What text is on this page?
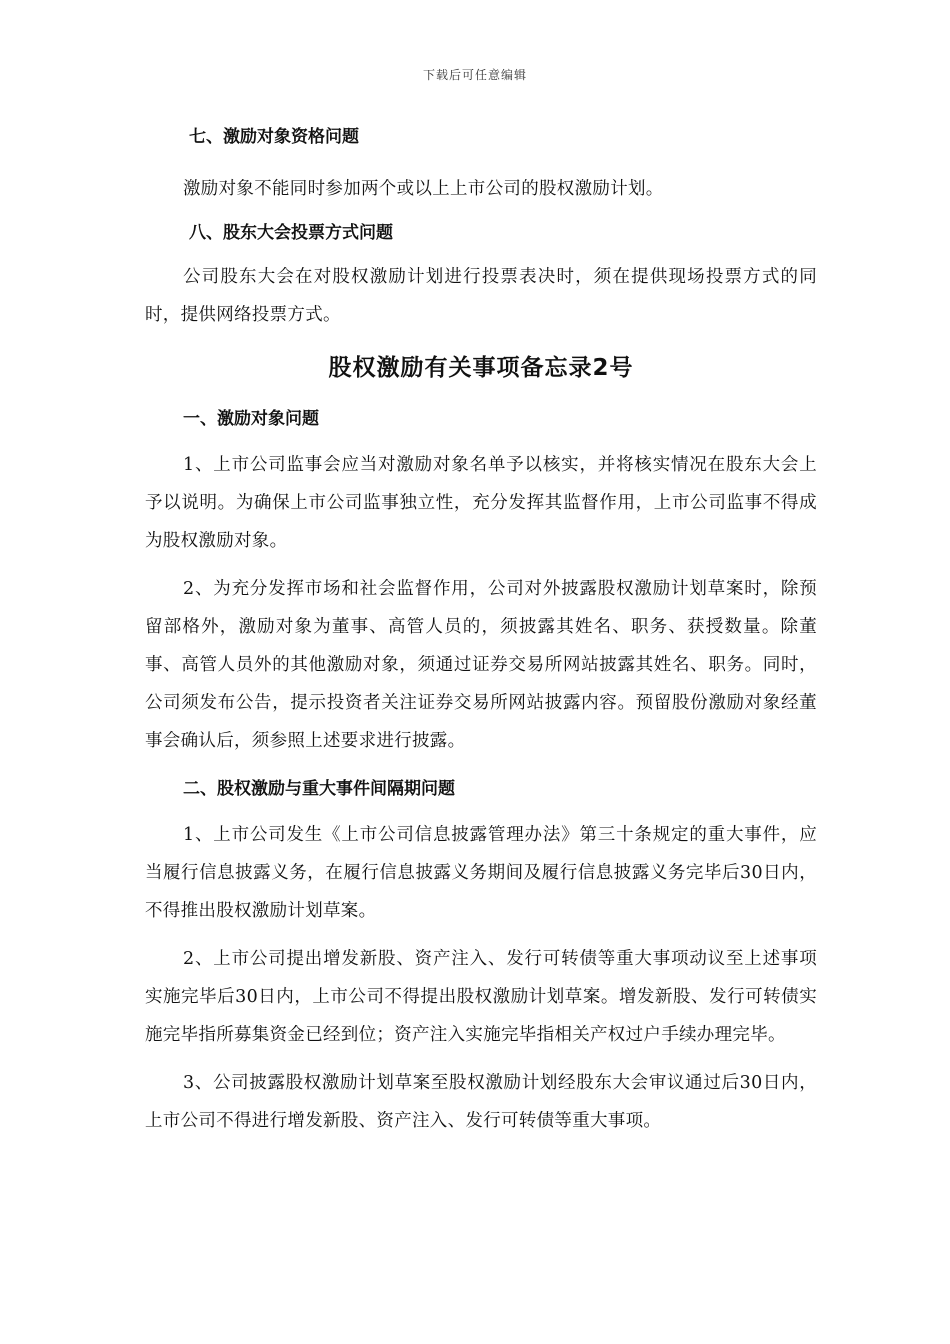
下载后可任意编辑

七、激励对象资格问题

激励对象不能同时参加两个或以上上市公司的股权激励计划。

八、股东大会投票方式问题

公司股东大会在对股权激励计划进行投票表决时，须在提供现场投票方式的同时，提供网络投票方式。

股权激励有关事项备忘录2号

一、激励对象问题

1、上市公司监事会应当对激励对象名单予以核实，并将核实情况在股东大会上予以说明。为确保上市公司监事独立性，充分发挥其监督作用，上市公司监事不得成为股权激励对象。

2、为充分发挥市场和社会监督作用，公司对外披露股权激励计划草案时，除预留部格外，激励对象为董事、高管人员的，须披露其姓名、职务、获授数量。除董事、高管人员外的其他激励对象，须通过证券交易所网站披露其姓名、职务。同时，公司须发布公告，提示投资者关注证券交易所网站披露内容。预留股份激励对象经董事会确认后，须参照上述要求进行披露。

二、股权激励与重大事件间隔期问题

1、上市公司发生《上市公司信息披露管理办法》第三十条规定的重大事件，应当履行信息披露义务，在履行信息披露义务期间及履行信息披露义务完毕后30日内，不得推出股权激励计划草案。

2、上市公司提出增发新股、资产注入、发行可转债等重大事项动议至上述事项实施完毕后30日内，上市公司不得提出股权激励计划草案。增发新股、发行可转债实施完毕指所募集资金已经到位；资产注入实施完毕指相关产权过户手续办理完毕。

3、公司披露股权激励计划草案至股权激励计划经股东大会审议通过后30日内，上市公司不得进行增发新股、资产注入、发行可转债等重大事项。
